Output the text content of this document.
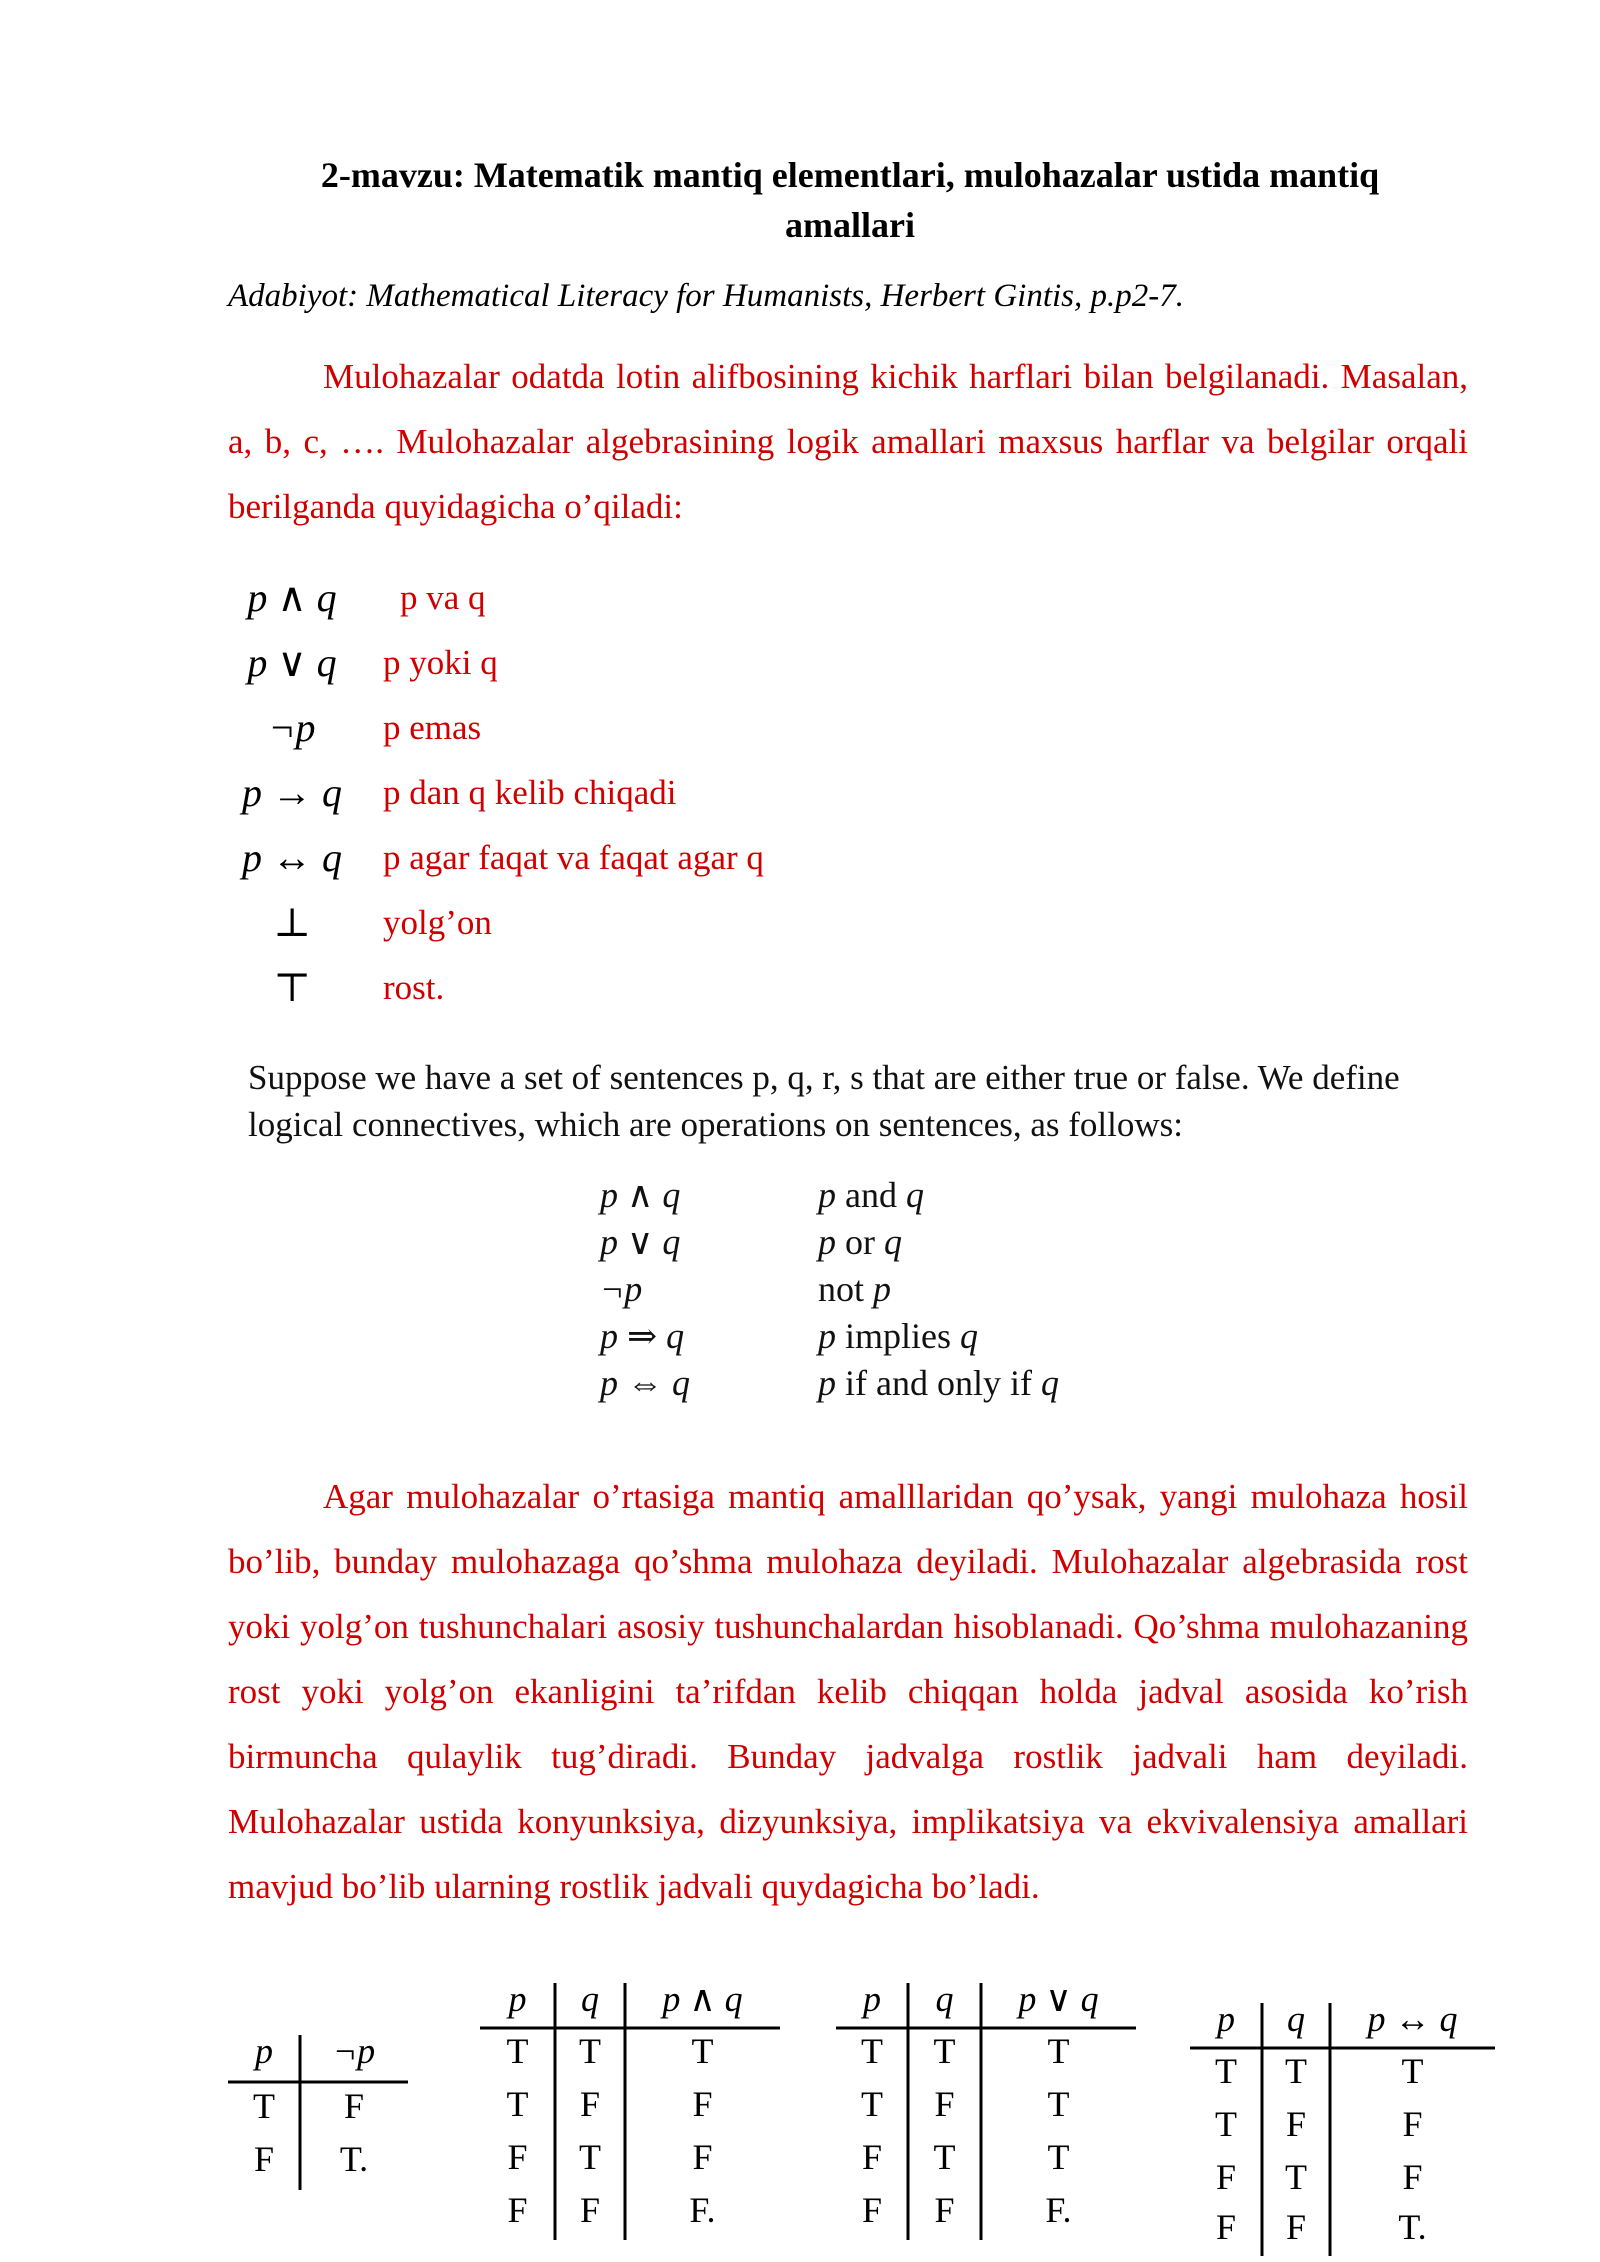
2-mavzu: Matematik mantiq elementlari, mulohazalar ustida mantiq
amallari
Adabiyot: Mathematical Literacy for Humanists, Herbert Gintis, p.p2-7.
Mulohazalar odatda lotin alifbosining kichik harflari bilan belgilanadi. Masalan, a, b, c, …. Mulohazalar algebrasining logik amallari maxsus harflar va belgilar orqali berilganda quyidagicha o’qiladi:
p ∧ q	p va q
p ∨ q	p yoki q
¬p	p emas
p → q	p dan q kelib chiqadi
p ↔ q	p agar faqat va faqat agar q
⊥	yolg’on
⊤	rost.
Suppose we have a set of sentences p, q, r, s that are either true or false. We define logical connectives, which are operations on sentences, as follows:
p ∧ q	p and q
p ∨ q	p or q
¬p	not p
p ⇒ q	p implies q
p ⇔ q	p if and only if q
Agar mulohazalar o’rtasiga mantiq amalllaridan qo’ysak, yangi mulohaza hosil bo’lib, bunday mulohazaga qo’shma mulohaza deyiladi. Mulohazalar algebrasida rost yoki yolg’on tushunchalari asosiy tushunchalardan hisoblanadi. Qo’shma mulohazaning rost yoki yolg’on ekanligini ta’rifdan kelib chiqqan holda jadval asosida ko’rish birmuncha qulaylik tug’diradi. Bunday jadvalga rostlik jadvali ham deyiladi. Mulohazalar ustida konyunksiya, dizyunksiya, implikatsiya va ekvivalensiya amallari mavjud bo’lib ularning rostlik jadvali quydagicha bo’ladi.
p	¬p
T	F
F	T.
p	q	p ∧ q
T	T	T
T	F	F
F	T	F
F	F	F.
p	q	p ∨ q
T	T	T
T	F	T
F	T	T
F	F	F.
p	q	p ↔ q
T	T	T
T	F	F
F	T	F
F	F	T.
